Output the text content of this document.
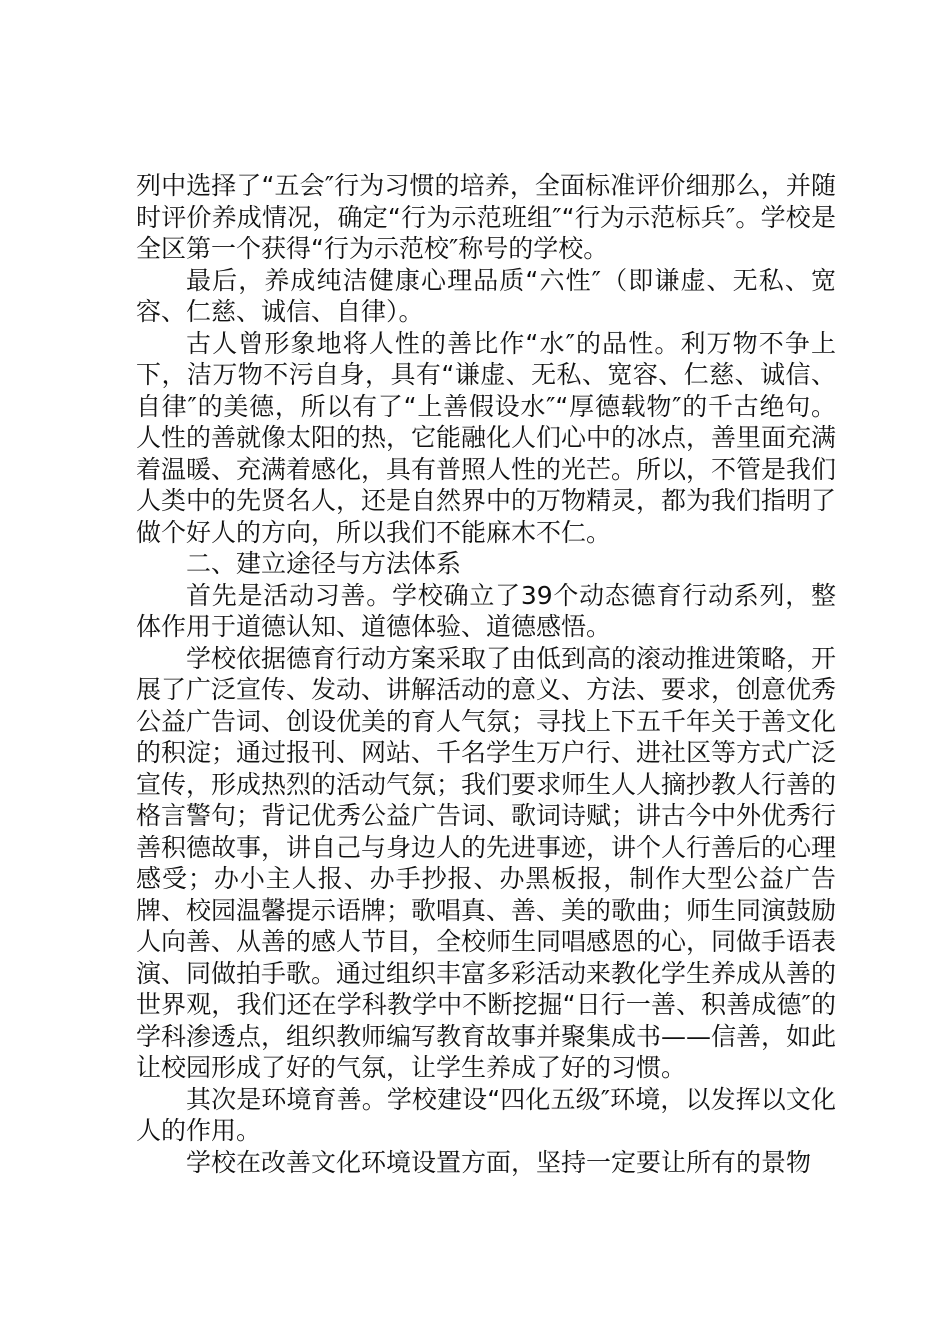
列中选择了“五会″行为习惯的培养，全面标准评价细那么，并随时评价养成情况，确定“行为示范班组″“行为示范标兵″。学校是全区第一个获得“行为示范校″称号的学校。

最后，养成纯洁健康心理品质“六性″（即谦虚、无私、宽容、仁慈、诚信、自律）。

古人曾形象地将人性的善比作“水″的品性。利万物不争上下，洁万物不污自身，具有“谦虚、无私、宽容、仁慈、诚信、自律″的美德，所以有了“上善假设水″“厚德载物″的千古绝句。人性的善就像太阳的热，它能融化人们心中的冰点，善里面充满着温暖、充满着感化，具有普照人性的光芒。所以，不管是我们人类中的先贤名人，还是自然界中的万物精灵，都为我们指明了做个好人的方向，所以我们不能麻木不仁。

二、建立途径与方法体系

首先是活动习善。学校确立了39个动态德育行动系列，整体作用于道德认知、道德体验、道德感悟。

学校依据德育行动方案采取了由低到高的滚动推进策略，开展了广泛宣传、发动、讲解活动的意义、方法、要求，创意优秀公益广告词、创设优美的育人气氛；寻找上下五千年关于善文化的积淀；通过报刊、网站、千名学生万户行、进社区等方式广泛宣传，形成热烈的活动气氛；我们要求师生人人摘抄教人行善的格言警句；背记优秀公益广告词、歌词诗赋；讲古今中外优秀行善积德故事，讲自己与身边人的先进事迹，讲个人行善后的心理感受；办小主人报、办手抄报、办黑板报，制作大型公益广告牌、校园温馨提示语牌；歌唱真、善、美的歌曲；师生同演鼓励人向善、从善的感人节目，全校师生同唱感恩的心，同做手语表演、同做拍手歌。通过组织丰富多彩活动来教化学生养成从善的世界观，我们还在学科教学中不断挖掘“日行一善、积善成德″的学科渗透点，组织教师编写教育故事并聚集成书——信善，如此让校园形成了好的气氛，让学生养成了好的习惯。

其次是环境育善。学校建设“四化五级″环境，以发挥以文化人的作用。

学校在改善文化环境设置方面，坚持一定要让所有的景物
